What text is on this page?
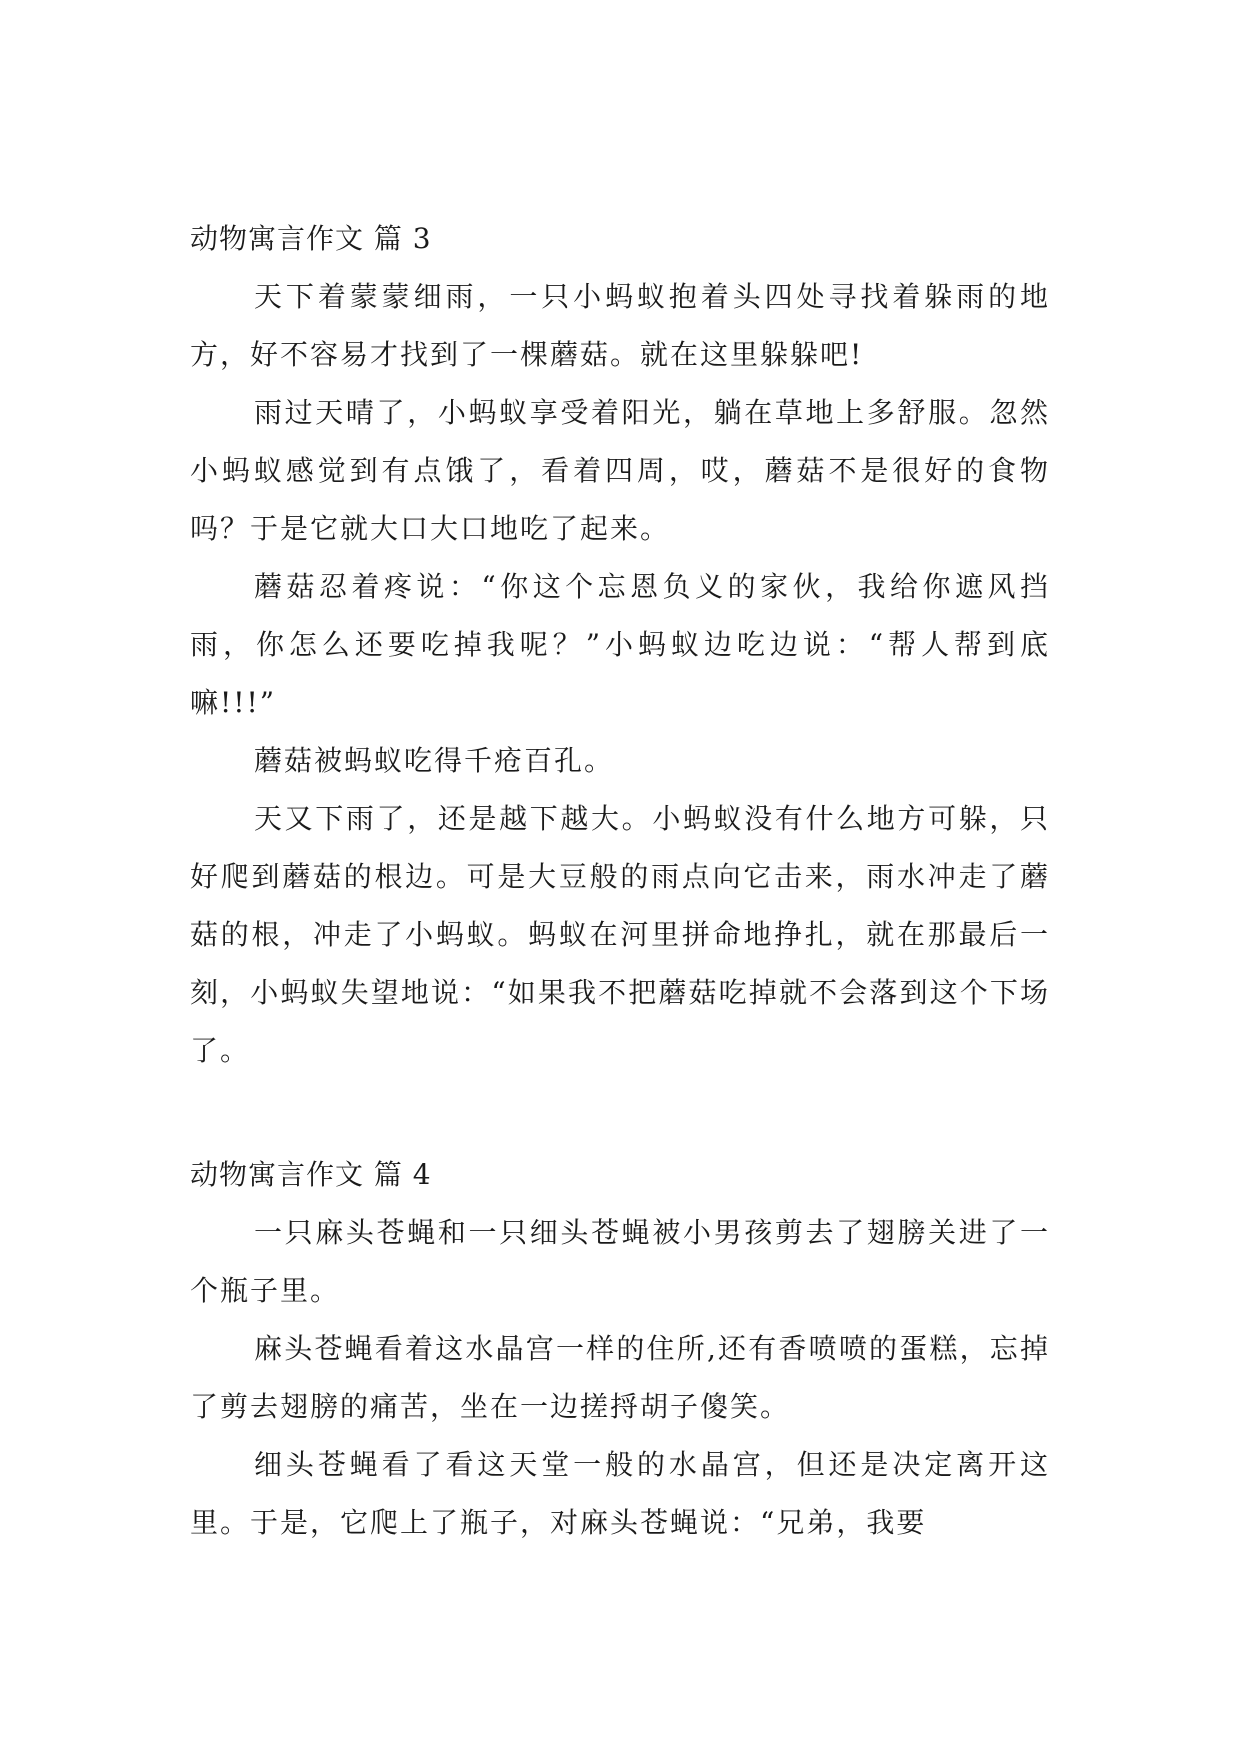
动物寓言作文 篇 3

天下着蒙蒙细雨，一只小蚂蚁抱着头四处寻找着躲雨的地方，好不容易才找到了一棵蘑菇。就在这里躲躲吧!

雨过天晴了，小蚂蚁享受着阳光，躺在草地上多舒服。忽然小蚂蚁感觉到有点饿了，看着四周，哎，蘑菇不是很好的食物吗？于是它就大口大口地吃了起来。

蘑菇忍着疼说：“你这个忘恩负义的家伙，我给你遮风挡雨，你怎么还要吃掉我呢？”小蚂蚁边吃边说：“帮人帮到底嘛!!!”

蘑菇被蚂蚁吃得千疮百孔。

天又下雨了，还是越下越大。小蚂蚁没有什么地方可躲，只好爬到蘑菇的根边。可是大豆般的雨点向它击来，雨水冲走了蘑菇的根，冲走了小蚂蚁。蚂蚁在河里拼命地挣扎，就在那最后一刻，小蚂蚁失望地说：“如果我不把蘑菇吃掉就不会落到这个下场了。

动物寓言作文 篇 4

一只麻头苍蝇和一只细头苍蝇被小男孩剪去了翅膀关进了一个瓶子里。

麻头苍蝇看着这水晶宫一样的住所,还有香喷喷的蛋糕，忘掉了剪去翅膀的痛苦，坐在一边搓捋胡子傻笑。

细头苍蝇看了看这天堂一般的水晶宫，但还是决定离开这里。于是，它爬上了瓶子，对麻头苍蝇说：“兄弟，我要
